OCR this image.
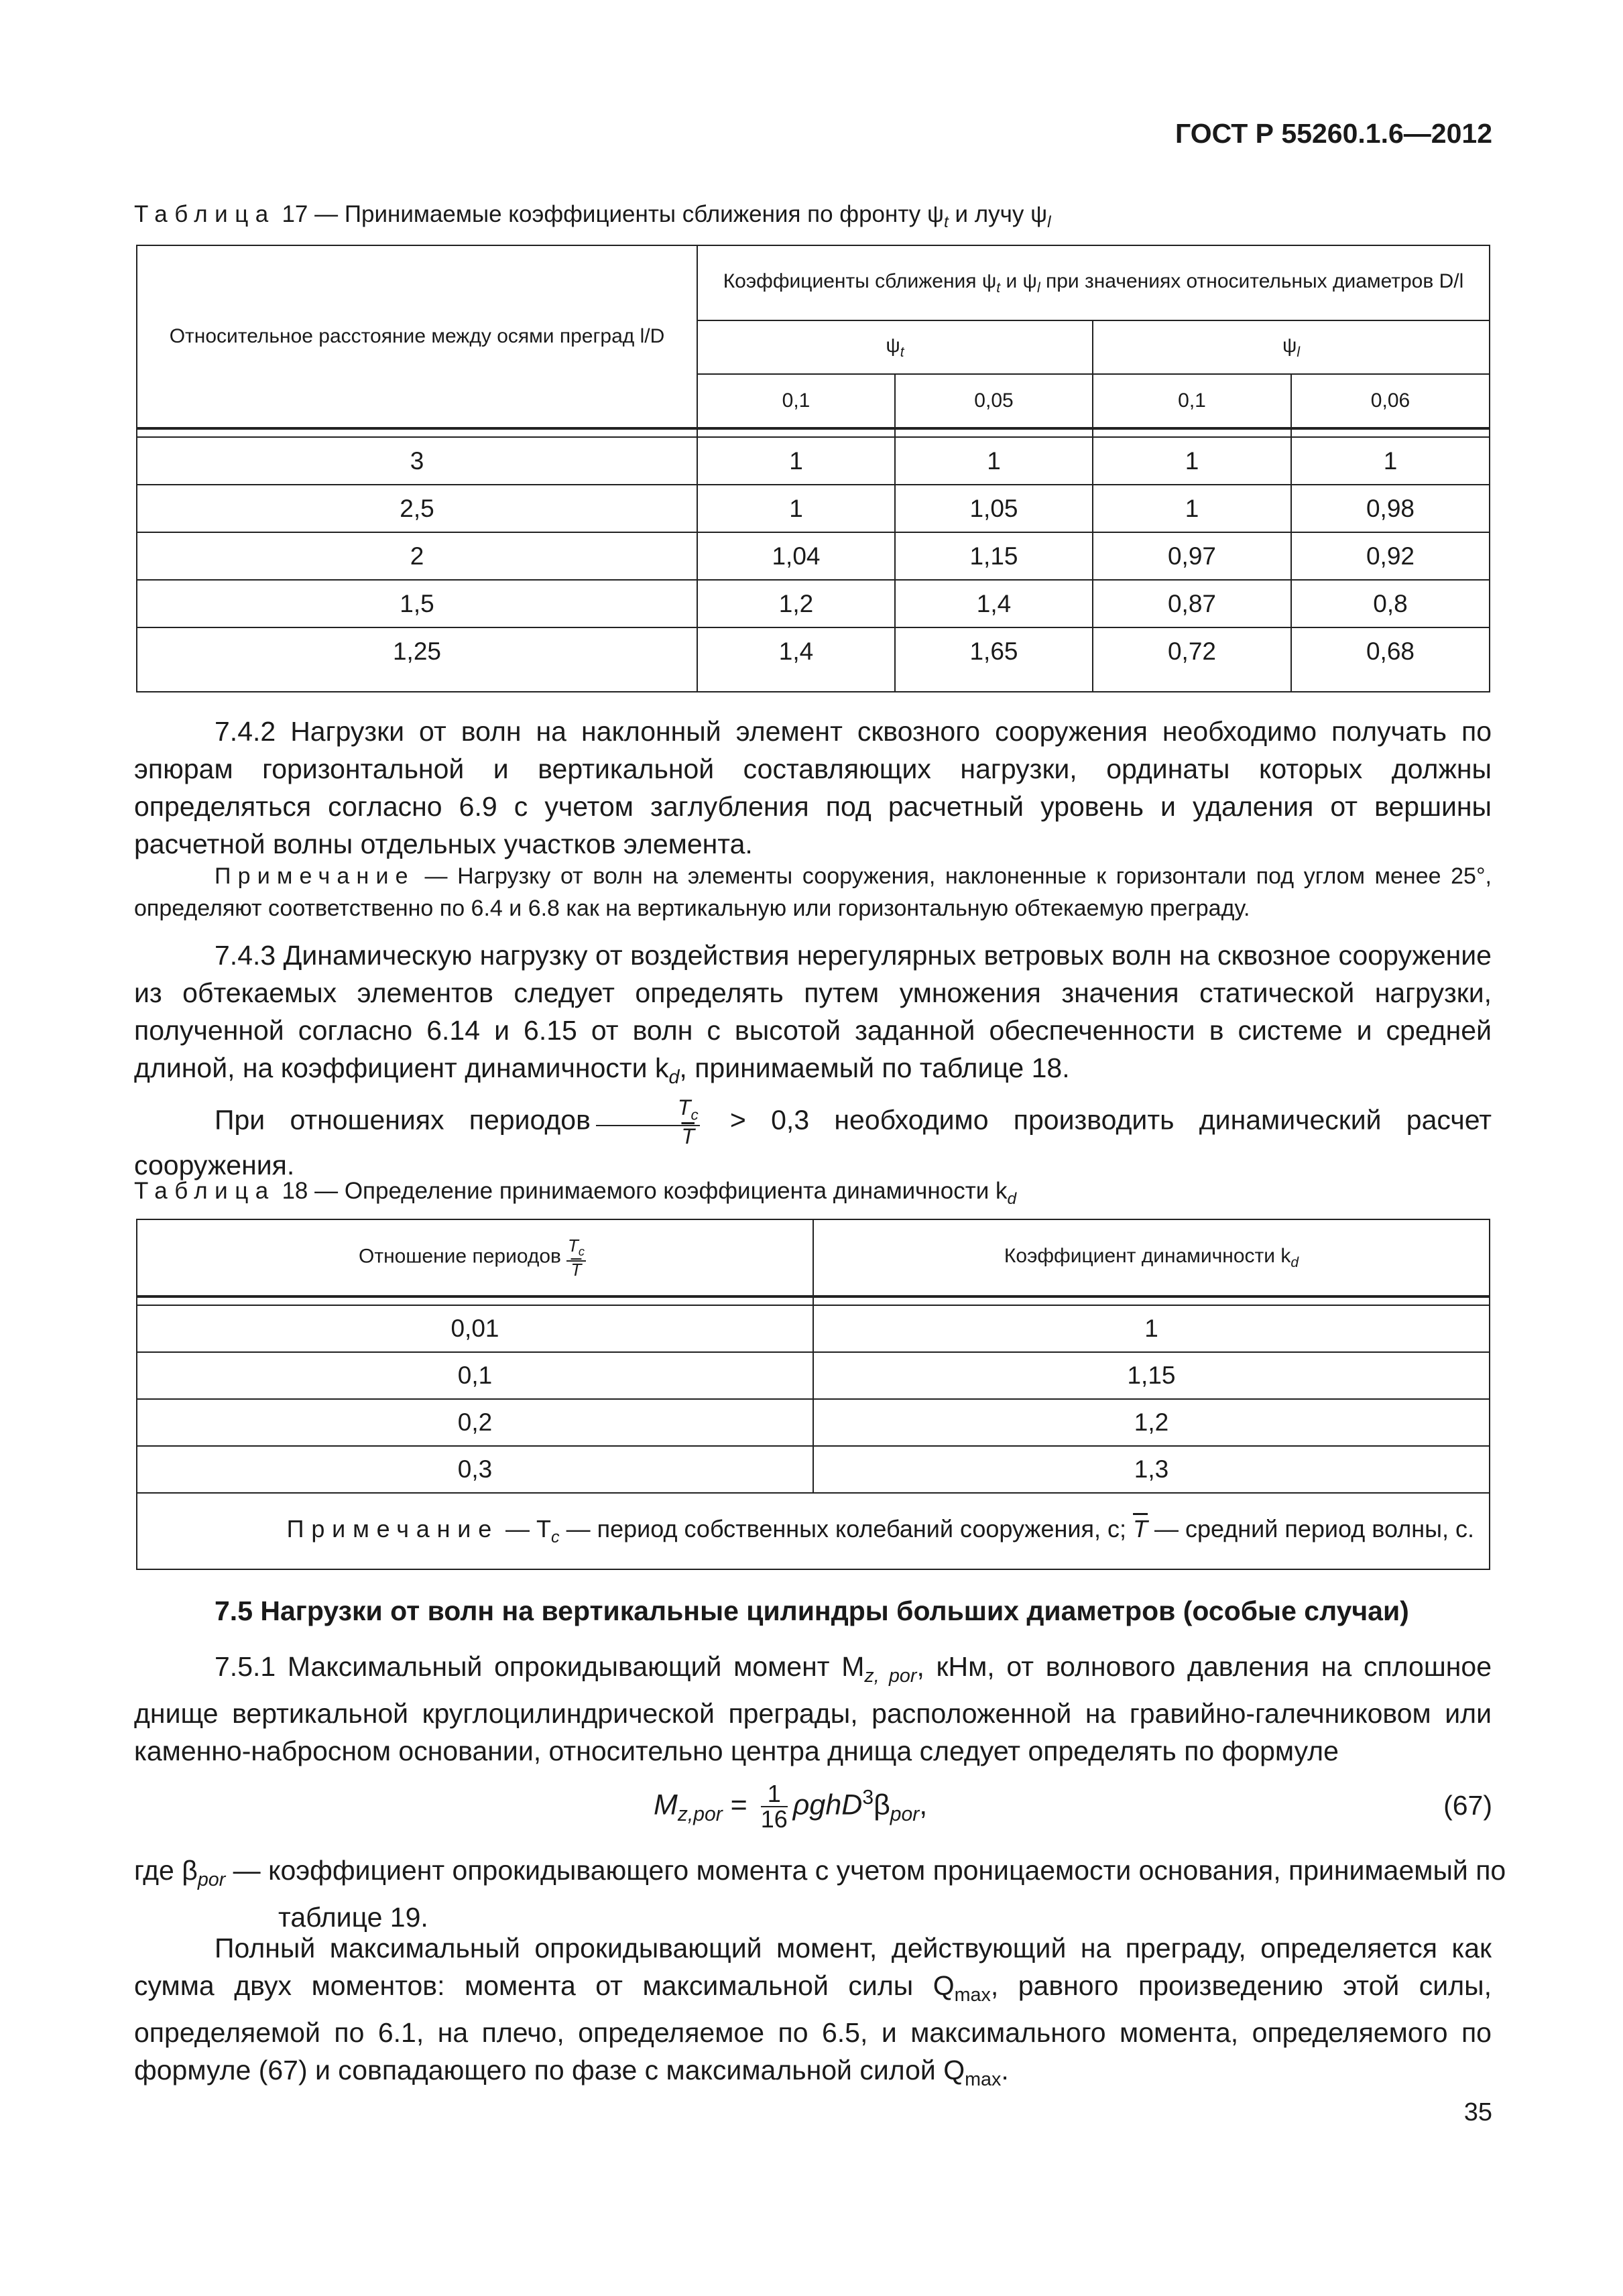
ГОСТ Р 55260.1.6—2012
Таблица 17 — Принимаемые коэффициенты сближения по фронту $\psi_t$ и лучу $\psi_l$
Относительное расстояние между осями преград l/D	Коэффициенты сближения $\psi_t$ и $\psi_l$ при значениях относительных диаметров D/l			
	$\psi_t$		$\psi_l$
	0,1	0,05	0,1	0,06

3	1	1	1	1
2,5	1	1,05	1	0,98
2	1,04	1,15	0,97	0,92
1,5	1,2	1,4	0,87	0,8
1,25	1,4	1,65	0,72	0,68
7.4.2 Нагрузки от волн на наклонный элемент сквозного сооружения необходимо получать по эпюрам горизонтальной и вертикальной составляющих нагрузки, ординаты которых должны определяться согласно 6.9 с учетом заглубления под расчетный уровень и удаления от вершины расчетной волны отдельных участков элемента.
Примечание — Нагрузку от волн на элементы сооружения, наклоненные к горизонтали под углом менее 25°, определяют соответственно по 6.4 и 6.8 как на вертикальную или горизонтальную обтекаемую преграду.
7.4.3 Динамическую нагрузку от воздействия нерегулярных ветровых волн на сквозное сооружение из обтекаемых элементов следует определять путем умножения значения статической нагрузки, полученной согласно 6.14 и 6.15 от волн с высотой заданной обеспеченности в системе и средней длиной, на коэффициент динамичности $k_d$, принимаемый по таблице 18.
При отношениях периодов $\frac{T_c}{T} > 0,3$ необходимо производить динамический расчет сооружения.
Таблица 18 — Определение принимаемого коэффициента динамичности $k_d$
Отношение периодов $\frac{T_c}{T}$	Коэффициент динамичности $k_d$

0,01	1
0,1	1,15
0,2	1,2
0,3	1,3
Примечание — $T_c$ — период собственных колебаний сооружения, с; $\overline{T}$ — средний период волны, с.	
7.5 Нагрузки от волн на вертикальные цилиндры больших диаметров (особые случаи)
7.5.1 Максимальный опрокидывающий момент $M_{z, por}$, кНм, от волнового давления на сплошное днище вертикальной круглоцилиндрической преграды, расположенной на гравийно-галечниковом или каменно-набросном основании, относительно центра днища следует определять по формуле
$M_{z,por} = \frac{1}{16} \rho ghD^3\beta_{por}$,	(67)
где $\beta_{por}$ — коэффициент опрокидывающего момента с учетом проницаемости основания, принимаемый по
таблице 19.
Полный максимальный опрокидывающий момент, действующий на преграду, определяется как сумма двух моментов: момента от максимальной силы $Q_{max}$, равного произведению этой силы, определяемой по 6.1, на плечо, определяемое по 6.5, и максимального момента, определяемого по формуле (67) и совпадающего по фазе с максимальной силой $Q_{max}$.
35
